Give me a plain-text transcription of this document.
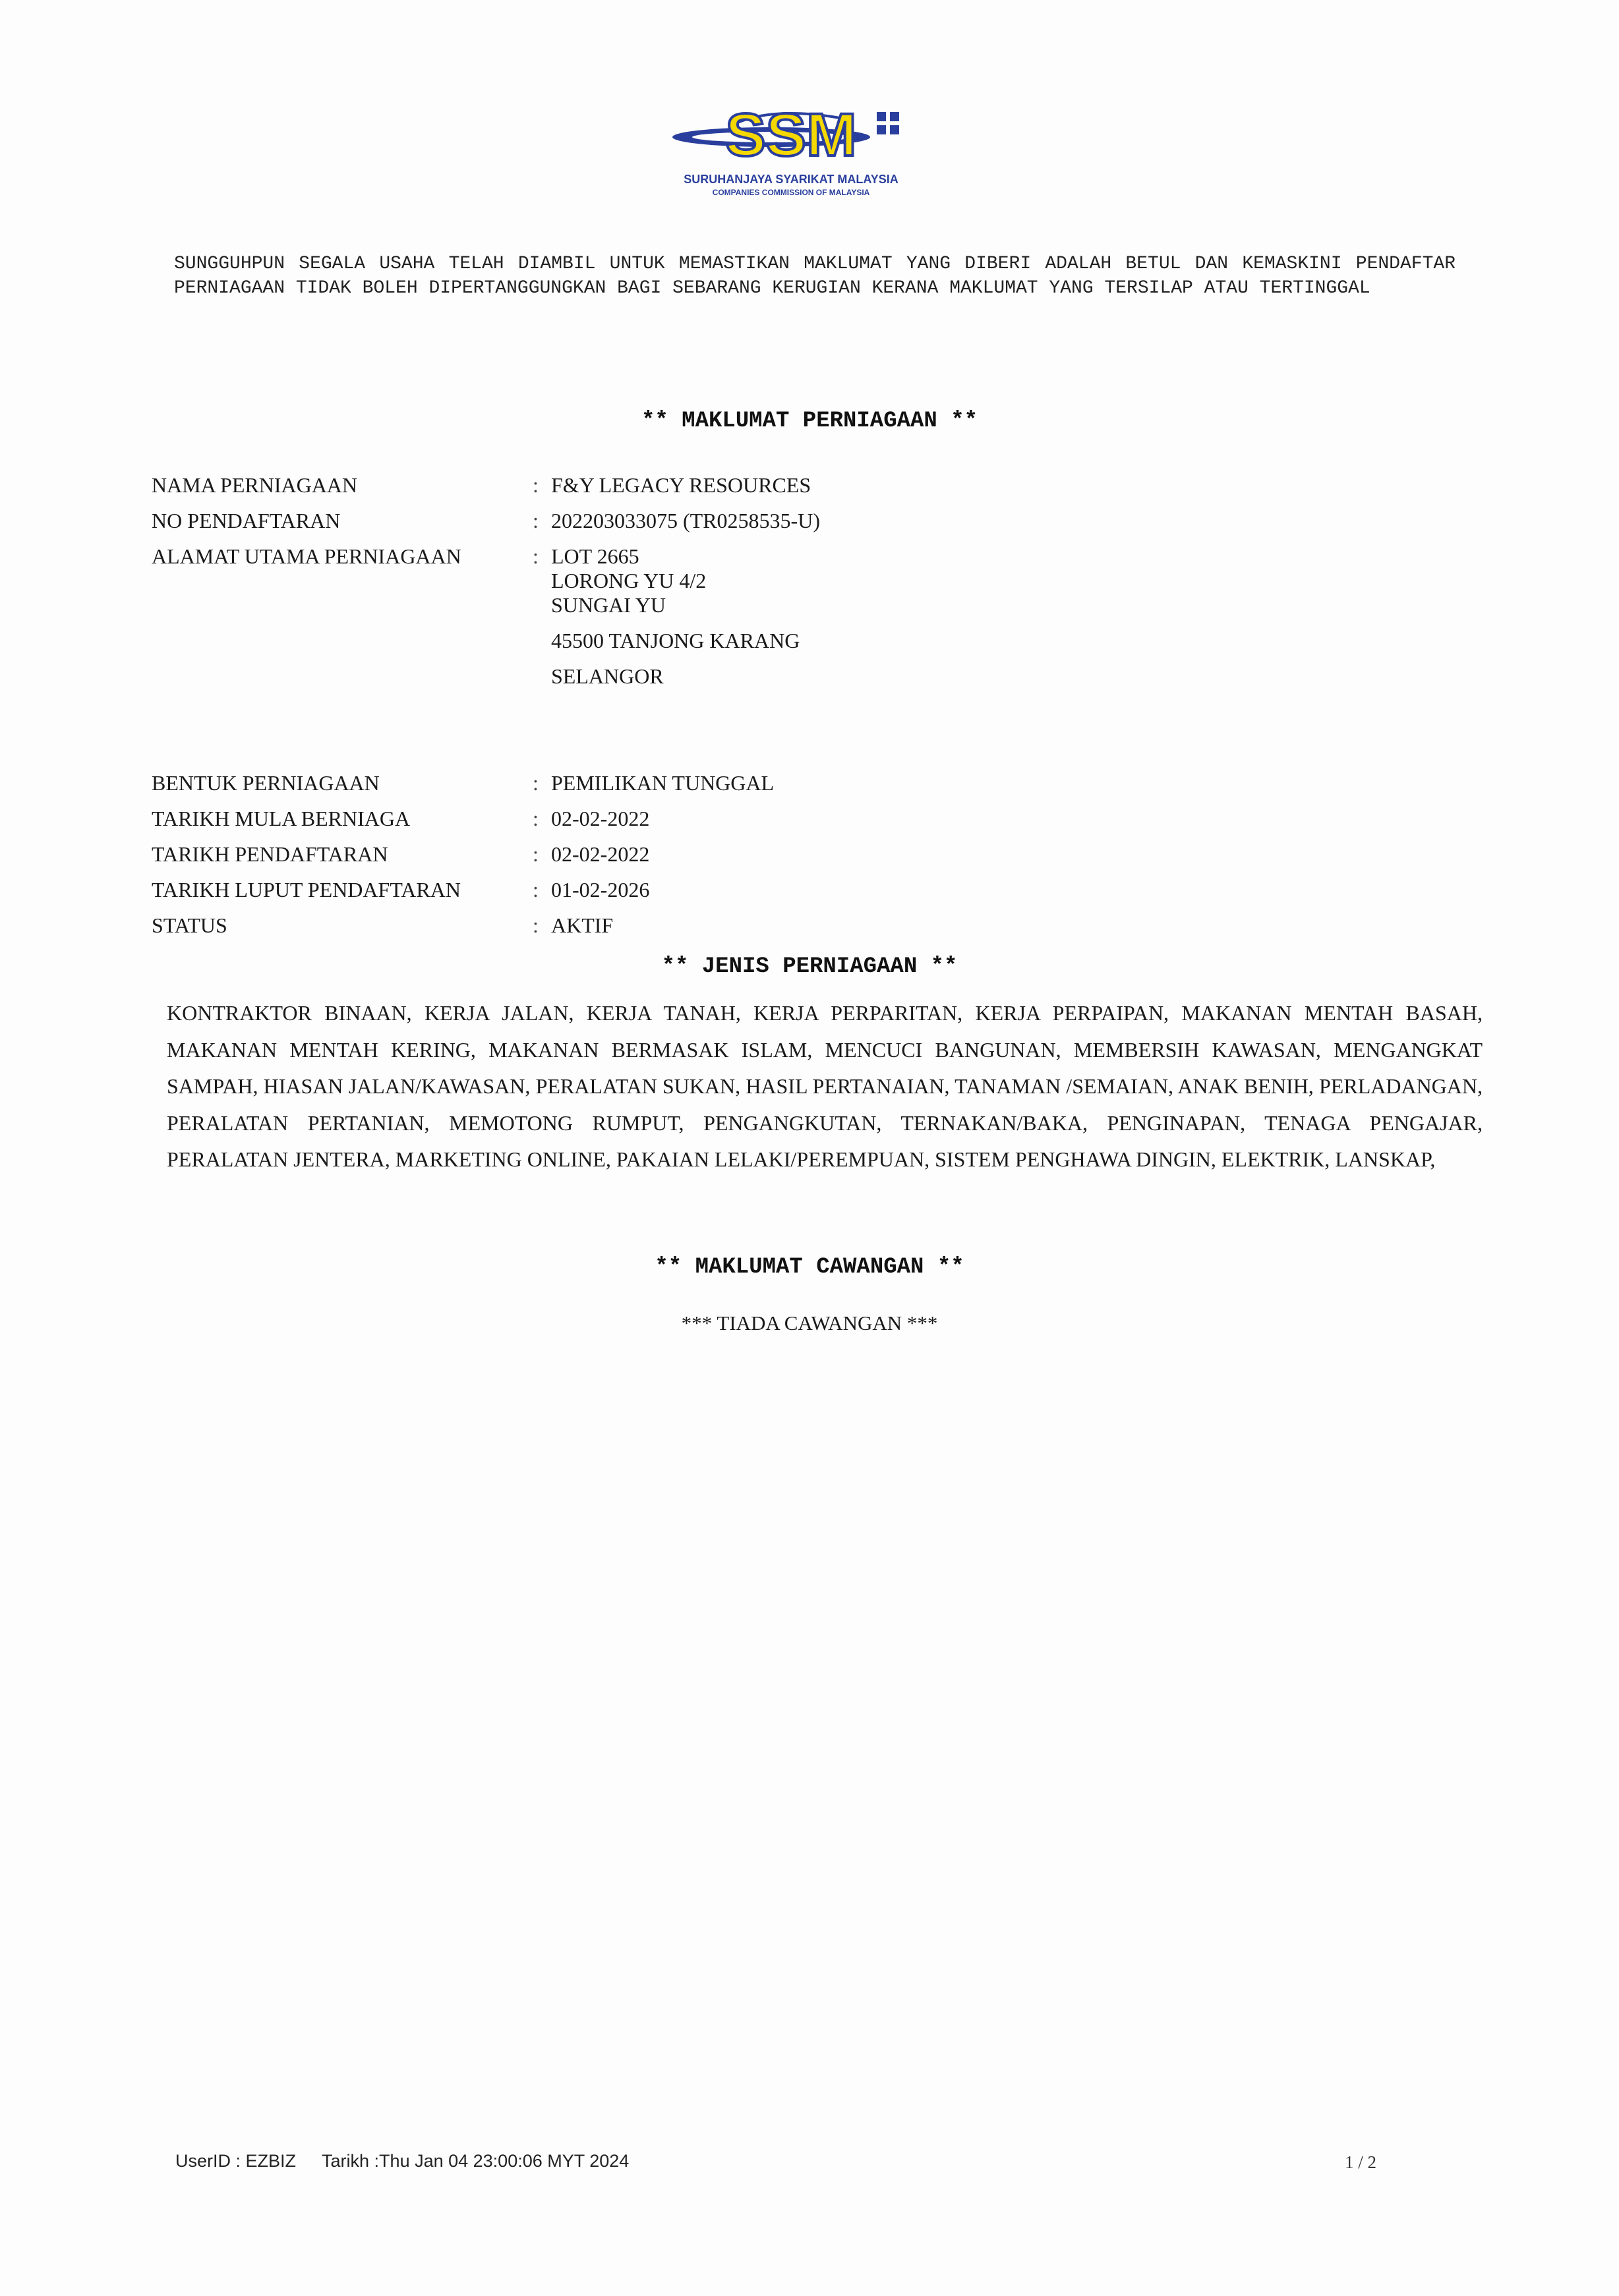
SSM
SURUHANJAYA SYARIKAT MALAYSIA
COMPANIES COMMISSION OF MALAYSIA
SUNGGUHPUN SEGALA USAHA TELAH DIAMBIL UNTUK MEMASTIKAN MAKLUMAT YANG DIBERI ADALAH BETUL DAN KEMASKINI PENDAFTAR PERNIAGAAN TIDAK BOLEH DIPERTANGGUNGKAN BAGI SEBARANG KERUGIAN KERANA MAKLUMAT YANG TERSILAP ATAU TERTINGGAL
** MAKLUMAT PERNIAGAAN **
NAMA PERNIAGAAN	: F&Y LEGACY RESOURCES
NO PENDAFTARAN	: 202203033075 (TR0258535-U)
ALAMAT UTAMA PERNIAGAAN	: LOT 2665
LORONG YU 4/2
SUNGAI YU
45500 TANJONG KARANG
SELANGOR
BENTUK PERNIAGAAN	: PEMILIKAN TUNGGAL
TARIKH MULA BERNIAGA	: 02-02-2022
TARIKH PENDAFTARAN	: 02-02-2022
TARIKH LUPUT PENDAFTARAN	: 01-02-2026
STATUS	: AKTIF
** JENIS PERNIAGAAN **
KONTRAKTOR BINAAN, KERJA JALAN, KERJA TANAH, KERJA PERPARITAN, KERJA PERPAIPAN, MAKANAN MENTAH BASAH, MAKANAN MENTAH KERING, MAKANAN BERMASAK ISLAM, MENCUCI BANGUNAN, MEMBERSIH KAWASAN, MENGANGKAT SAMPAH, HIASAN JALAN/KAWASAN, PERALATAN SUKAN, HASIL PERTANAIAN, TANAMAN /SEMAIAN, ANAK BENIH, PERLADANGAN, PERALATAN PERTANIAN, MEMOTONG RUMPUT, PENGANGKUTAN, TERNAKAN/BAKA, PENGINAPAN, TENAGA PENGAJAR, PERALATAN JENTERA, MARKETING ONLINE, PAKAIAN LELAKI/PEREMPUAN, SISTEM PENGHAWA DINGIN, ELEKTRIK, LANSKAP,
** MAKLUMAT CAWANGAN **
*** TIADA CAWANGAN ***
UserID : EZBIZ Tarikh :Thu Jan 04 23:00:06 MYT 2024	1 / 2
